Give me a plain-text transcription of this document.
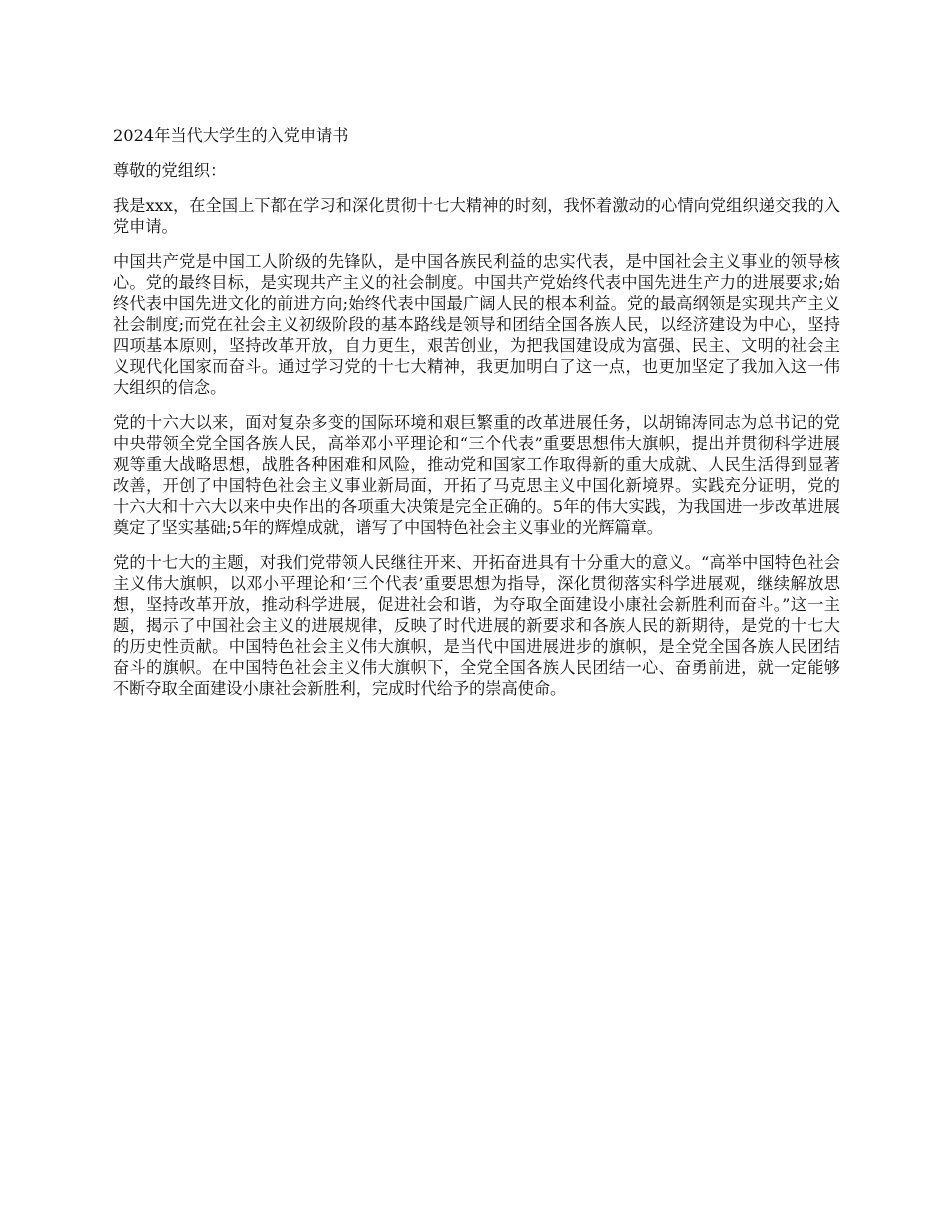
2024年当代大学生的入党申请书

尊敬的党组织：

我是xxx，在全国上下都在学习和深化贯彻十七大精神的时刻，我怀着激动的心情向党组织递交我的入党申请。

中国共产党是中国工人阶级的先锋队，是中国各族民利益的忠实代表，是中国社会主义事业的领导核心。党的最终目标，是实现共产主义的社会制度。中国共产党始终代表中国先进生产力的进展要求;始终代表中国先进文化的前进方向;始终代表中国最广阔人民的根本利益。党的最高纲领是实现共产主义社会制度;而党在社会主义初级阶段的基本路线是领导和团结全国各族人民，以经济建设为中心，坚持四项基本原则，坚持改革开放，自力更生，艰苦创业，为把我国建设成为富强、民主、文明的社会主义现代化国家而奋斗。通过学习党的十七大精神，我更加明白了这一点，也更加坚定了我加入这一伟大组织的信念。

党的十六大以来，面对复杂多变的国际环境和艰巨繁重的改革进展任务，以胡锦涛同志为总书记的党中央带领全党全国各族人民，高举邓小平理论和“三个代表”重要思想伟大旗帜，提出并贯彻科学进展观等重大战略思想，战胜各种困难和风险，推动党和国家工作取得新的重大成就、人民生活得到显著改善，开创了中国特色社会主义事业新局面，开拓了马克思主义中国化新境界。实践充分证明，党的十六大和十六大以来中央作出的各项重大决策是完全正确的。5年的伟大实践，为我国进一步改革进展奠定了坚实基础;5年的辉煌成就，谱写了中国特色社会主义事业的光辉篇章。

党的十七大的主题，对我们党带领人民继往开来、开拓奋进具有十分重大的意义。“高举中国特色社会主义伟大旗帜，以邓小平理论和‘三个代表’重要思想为指导，深化贯彻落实科学进展观，继续解放思想，坚持改革开放，推动科学进展，促进社会和谐，为夺取全面建设小康社会新胜利而奋斗。”这一主题，揭示了中国社会主义的进展规律，反映了时代进展的新要求和各族人民的新期待，是党的十七大的历史性贡献。中国特色社会主义伟大旗帜，是当代中国进展进步的旗帜，是全党全国各族人民团结奋斗的旗帜。在中国特色社会主义伟大旗帜下，全党全国各族人民团结一心、奋勇前进，就一定能够不断夺取全面建设小康社会新胜利，完成时代给予的崇高使命。
